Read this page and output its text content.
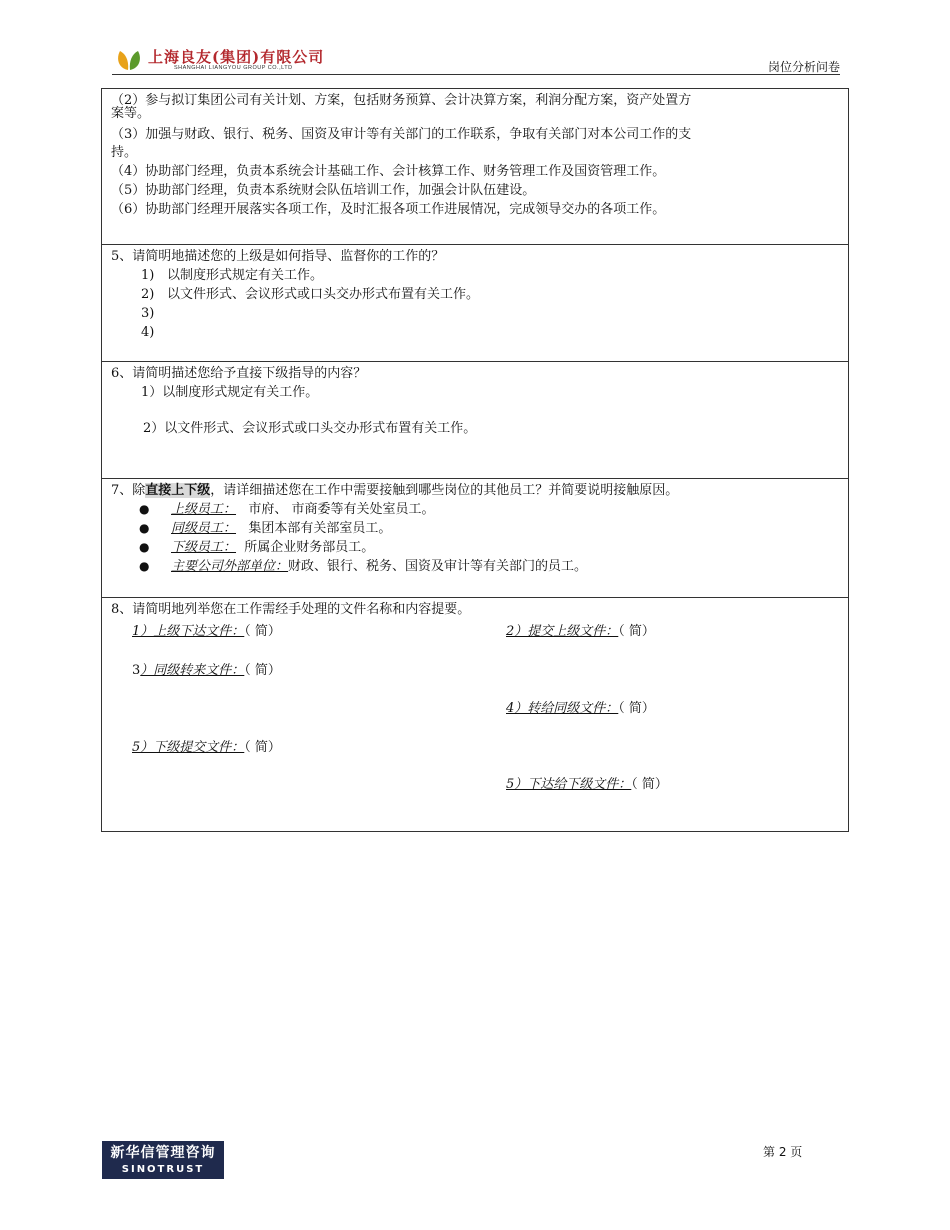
上海良友(集团)有限公司
SHANGHAI LIANGYOU GROUP CO.,LTD	岗位分析问卷
（2）参与拟订集团公司有关计划、方案，包括财务预算、会计决算方案，利润分配方案，资产处置方
案等。
（3）加强与财政、银行、税务、国资及审计等有关部门的工作联系，争取有关部门对本公司工作的支
持。
（4）协助部门经理，负责本系统会计基础工作、会计核算工作、财务管理工作及国资管理工作。
（5）协助部门经理，负责本系统财会队伍培训工作，加强会计队伍建设。
（6）协助部门经理开展落实各项工作，及时汇报各项工作进展情况，完成领导交办的各项工作。
5、请简明地描述您的上级是如何指导、监督你的工作的？
1) 以制度形式规定有关工作。
2) 以文件形式、会议形式或口头交办形式布置有关工作。
3)
4)
6、请简明描述您给予直接下级指导的内容？
1）以制度形式规定有关工作。
2）以文件形式、会议形式或口头交办形式布置有关工作。
7、除直接上下级，请详细描述您在工作中需要接触到哪些岗位的其他员工？并简要说明接触原因。
● 上级员工：   市府、 市商委等有关处室员工。
● 同级员工：   集团本部有关部室员工。
● 下级员工：  所属企业财务部员工。
● 主要公司外部单位：财政、银行、税务、国资及审计等有关部门的员工。
8、请简明地列举您在工作需经手处理的文件名称和内容提要。
1）上级下达文件：（ 简）	2）提交上级文件：（ 简）
3）同级转来文件：（ 简）
4）转给同级文件：（ 简）
5）下级提交文件：（ 简）
5）下达给下级文件：（ 简）
新华信管理咨询
SINOTRUST
第 2 页
